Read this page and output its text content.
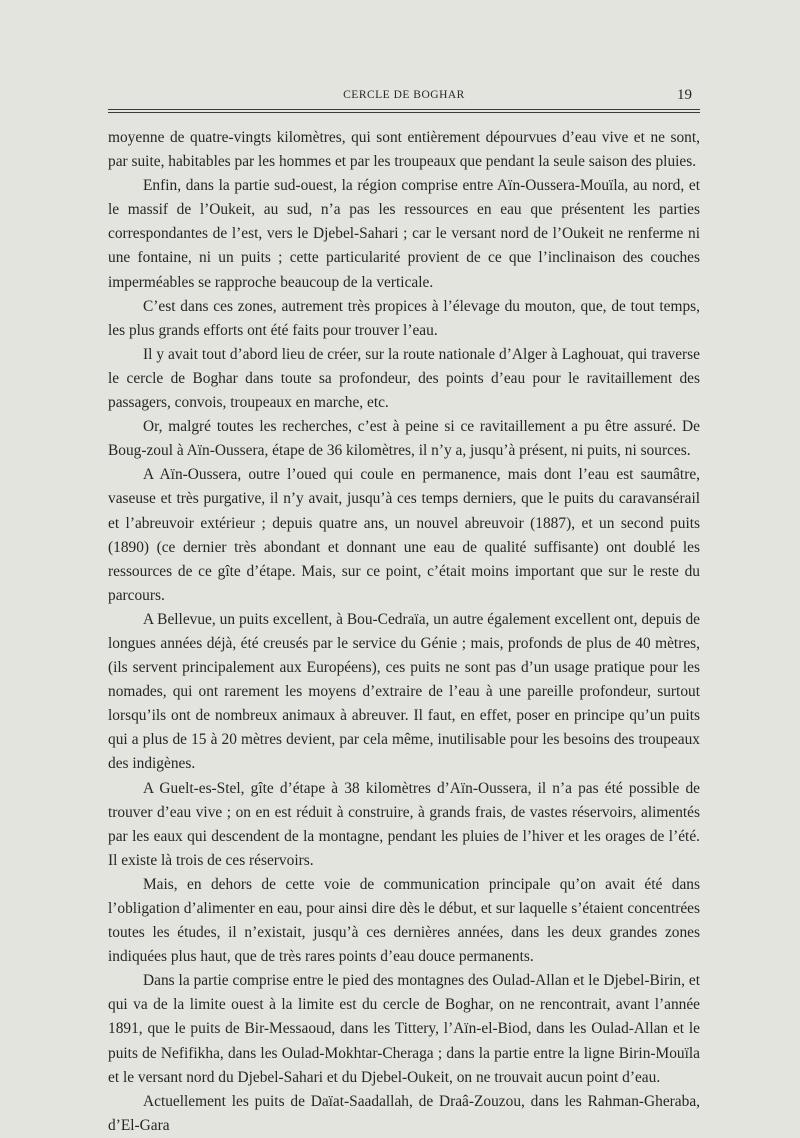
CERCLE DE BOGHAR	19

moyenne de quatre-vingts kilomètres, qui sont entièrement dépourvues d’eau vive et ne sont, par suite, habitables par les hommes et par les troupeaux que pendant la seule saison des pluies.

Enfin, dans la partie sud-ouest, la région comprise entre Aïn-Oussera-Mouïla, au nord, et le massif de l’Oukeit, au sud, n’a pas les ressources en eau que présentent les parties correspondantes de l’est, vers le Djebel-Sahari ; car le versant nord de l’Oukeit ne renferme ni une fontaine, ni un puits ; cette particularité provient de ce que l’inclinaison des couches imperméables se rapproche beaucoup de la verticale.

C’est dans ces zones, autrement très propices à l’élevage du mouton, que, de tout temps, les plus grands efforts ont été faits pour trouver l’eau.

Il y avait tout d’abord lieu de créer, sur la route nationale d’Alger à Laghouat, qui traverse le cercle de Boghar dans toute sa profondeur, des points d’eau pour le ravitaillement des passagers, convois, troupeaux en marche, etc.

Or, malgré toutes les recherches, c’est à peine si ce ravitaillement a pu être assuré. De Boug-zoul à Aïn-Oussera, étape de 36 kilomètres, il n’y a, jusqu’à présent, ni puits, ni sources.

A Aïn-Oussera, outre l’oued qui coule en permanence, mais dont l’eau est saumâtre, vaseuse et très purgative, il n’y avait, jusqu’à ces temps derniers, que le puits du caravansérail et l’abreuvoir extérieur ; depuis quatre ans, un nouvel abreuvoir (1887), et un second puits (1890) (ce dernier très abondant et donnant une eau de qualité suffisante) ont doublé les ressources de ce gîte d’étape. Mais, sur ce point, c’était moins important que sur le reste du parcours.

A Bellevue, un puits excellent, à Bou-Cedraïa, un autre également excellent ont, depuis de longues années déjà, été creusés par le service du Génie ; mais, profonds de plus de 40 mètres, (ils servent principalement aux Européens), ces puits ne sont pas d’un usage pratique pour les nomades, qui ont rarement les moyens d’extraire de l’eau à une pareille profondeur, surtout lorsqu’ils ont de nombreux animaux à abreuver. Il faut, en effet, poser en principe qu’un puits qui a plus de 15 à 20 mètres devient, par cela même, inutilisable pour les besoins des troupeaux des indigènes.

A Guelt-es-Stel, gîte d’étape à 38 kilomètres d’Aïn-Oussera, il n’a pas été possible de trouver d’eau vive ; on en est réduit à construire, à grands frais, de vastes réservoirs, alimentés par les eaux qui descendent de la montagne, pendant les pluies de l’hiver et les orages de l’été. Il existe là trois de ces réservoirs.

Mais, en dehors de cette voie de communication principale qu’on avait été dans l’obligation d’alimenter en eau, pour ainsi dire dès le début, et sur laquelle s’étaient concentrées toutes les études, il n’existait, jusqu’à ces dernières années, dans les deux grandes zones indiquées plus haut, que de très rares points d’eau douce permanents.

Dans la partie comprise entre le pied des montagnes des Oulad-Allan et le Djebel-Birin, et qui va de la limite ouest à la limite est du cercle de Boghar, on ne rencontrait, avant l’année 1891, que le puits de Bir-Messaoud, dans les Tittery, l’Aïn-el-Biod, dans les Oulad-Allan et le puits de Nefifikha, dans les Oulad-Mokhtar-Cheraga ; dans la partie entre la ligne Birin-Mouïla et le versant nord du Djebel-Sahari et du Djebel-Oukeit, on ne trouvait aucun point d’eau.

Actuellement les puits de Daïat-Saadallah, de Draâ-Zouzou, dans les Rahman-Gheraba, d’El-Gara
